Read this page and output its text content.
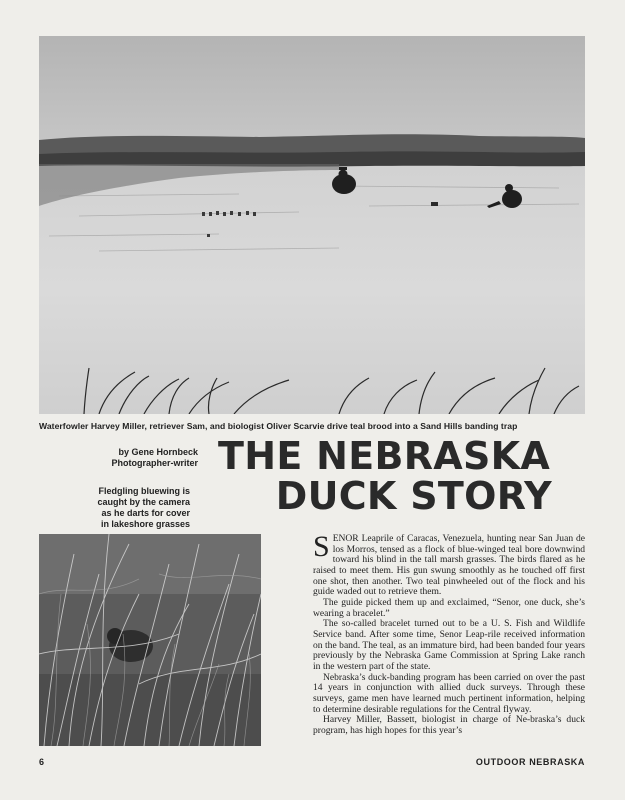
Waterfowler Harvey Miller, retriever Sam, and biologist Oliver Scarvie drive teal brood into a Sand Hills banding trap
by Gene Hornbeck
Photographer-writer THE NEBRASKA
DUCK STORY
Fledgling bluewing is
caught by the camera
as he darts for cover
in lakeshore grasses

SENOR Leaprile of Caracas, Venezuela, hunting near San Juan de los Morros, tensed as a flock of blue-winged teal bore downwind toward his blind in the tall marsh grasses. The birds flared as he raised to meet them. His gun swung smoothly as he touched off first one shot, then another. Two teal pinwheeled out of the flock and his guide waded out to retrieve them.

The guide picked them up and exclaimed, “Senor, one duck, she’s wearing a bracelet.”

The so-called bracelet turned out to be a U. S. Fish and Wildlife Service band. After some time, Senor Leap-rile received information on the band. The teal, as an immature bird, had been banded four years previously by the Nebraska Game Commission at Spring Lake ranch in the western part of the state.

Nebraska’s duck-banding program has been carried on over the past 14 years in conjunction with allied duck surveys. Through these surveys, game men have learned much pertinent information, helping to determine desirable regulations for the Central flyway.

Harvey Miller, Bassett, biologist in charge of Ne-braska’s duck program, has high hopes for this year’s

6	OUTDOOR NEBRASKA
